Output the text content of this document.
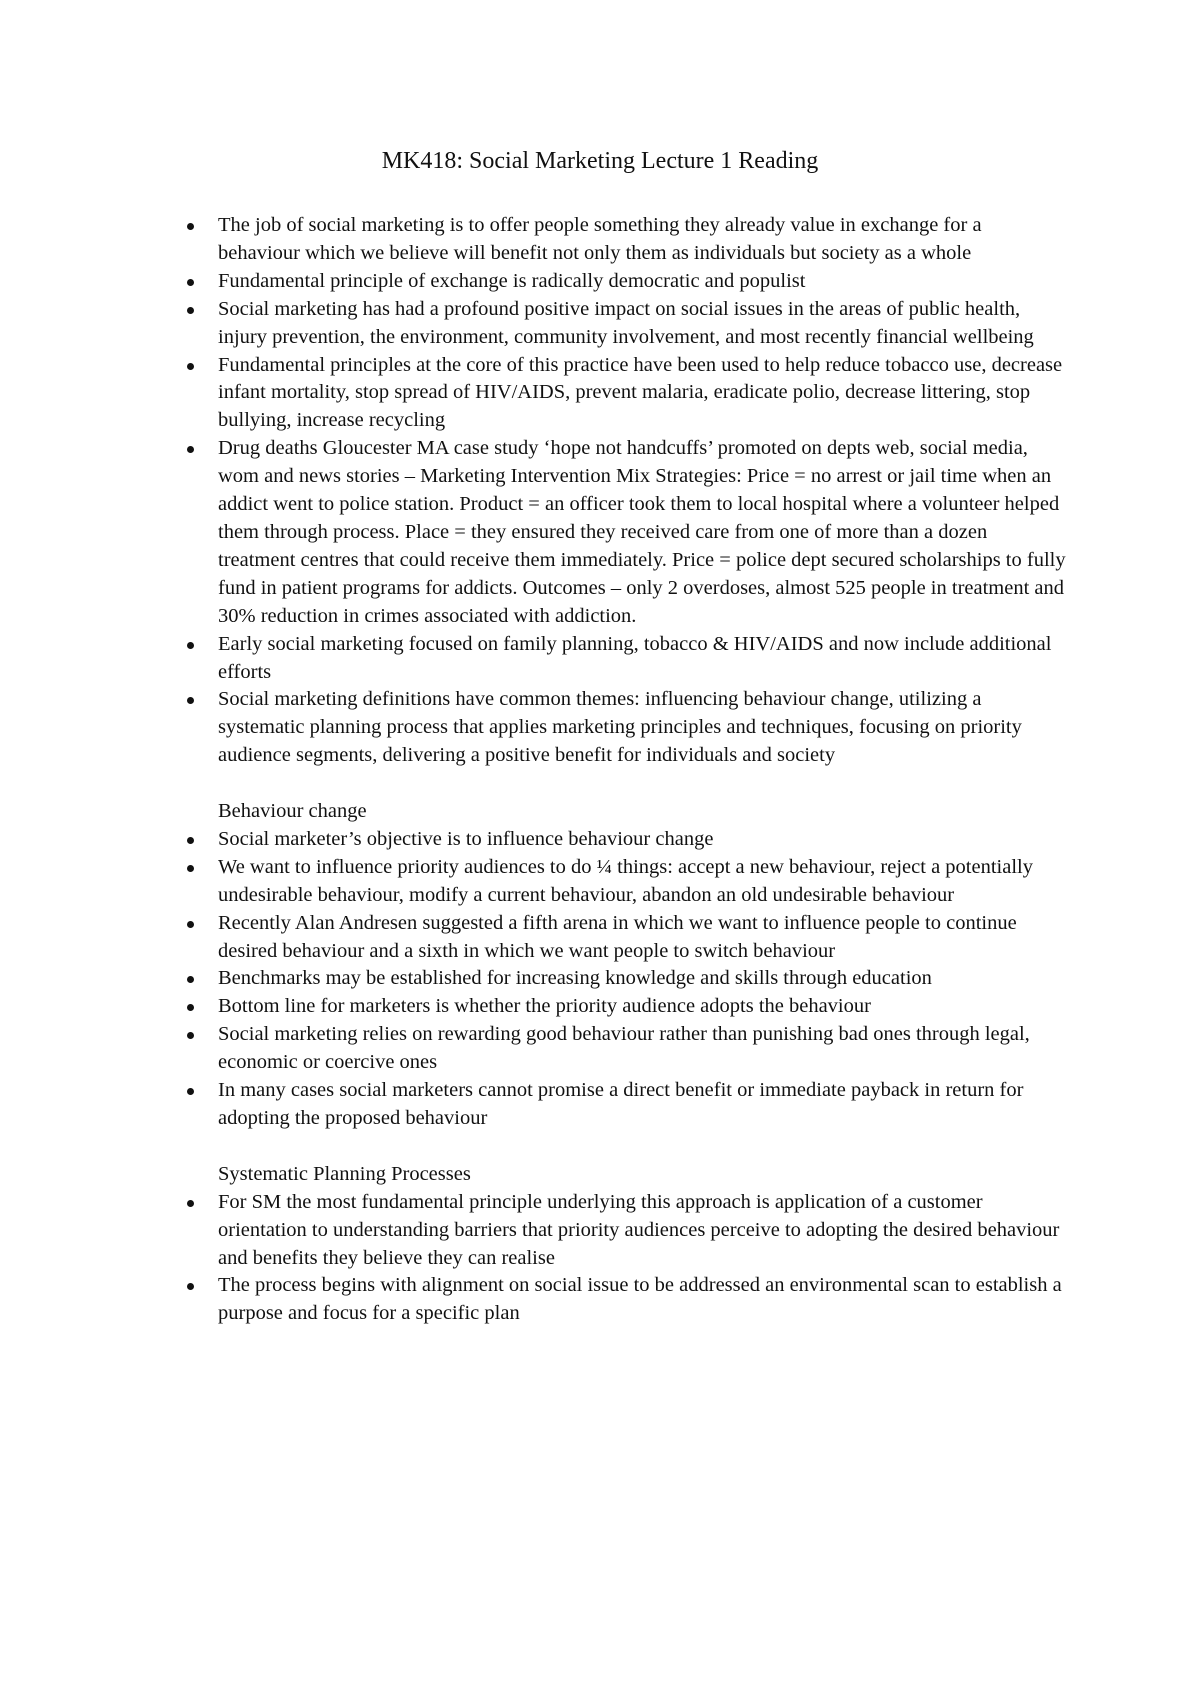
MK418: Social Marketing Lecture 1 Reading
The job of social marketing is to offer people something they already value in exchange for a behaviour which we believe will benefit not only them as individuals but society as a whole
Fundamental principle of exchange is radically democratic and populist
Social marketing has had a profound positive impact on social issues in the areas of public health, injury prevention, the environment, community involvement, and most recently financial wellbeing
Fundamental principles at the core of this practice have been used to help reduce tobacco use, decrease infant mortality, stop spread of HIV/AIDS, prevent malaria, eradicate polio, decrease littering, stop bullying, increase recycling
Drug deaths Gloucester MA case study ‘hope not handcuffs’ promoted on depts web, social media, wom and news stories – Marketing Intervention Mix Strategies: Price = no arrest or jail time when an addict went to police station. Product = an officer took them to local hospital where a volunteer helped them through process. Place = they ensured they received care from one of more than a dozen treatment centres that could receive them immediately. Price = police dept secured scholarships to fully fund in patient programs for addicts. Outcomes – only 2 overdoses, almost 525 people in treatment and 30% reduction in crimes associated with addiction.
Early social marketing focused on family planning, tobacco & HIV/AIDS and now include additional efforts
Social marketing definitions have common themes: influencing behaviour change, utilizing a systematic planning process that applies marketing principles and techniques, focusing on priority audience segments, delivering a positive benefit for individuals and society

Behaviour change

Social marketer’s objective is to influence behaviour change
We want to influence priority audiences to do ¼ things: accept a new behaviour, reject a potentially undesirable behaviour, modify a current behaviour, abandon an old undesirable behaviour
Recently Alan Andresen suggested a fifth arena in which we want to influence people to continue desired behaviour and a sixth in which we want people to switch behaviour
Benchmarks may be established for increasing knowledge and skills through education
Bottom line for marketers is whether the priority audience adopts the behaviour
Social marketing relies on rewarding good behaviour rather than punishing bad ones through legal, economic or coercive ones
In many cases social marketers cannot promise a direct benefit or immediate payback in return for adopting the proposed behaviour

Systematic Planning Processes

For SM the most fundamental principle underlying this approach is application of a customer orientation to understanding barriers that priority audiences perceive to adopting the desired behaviour and benefits they believe they can realise
The process begins with alignment on social issue to be addressed an environmental scan to establish a purpose and focus for a specific plan
